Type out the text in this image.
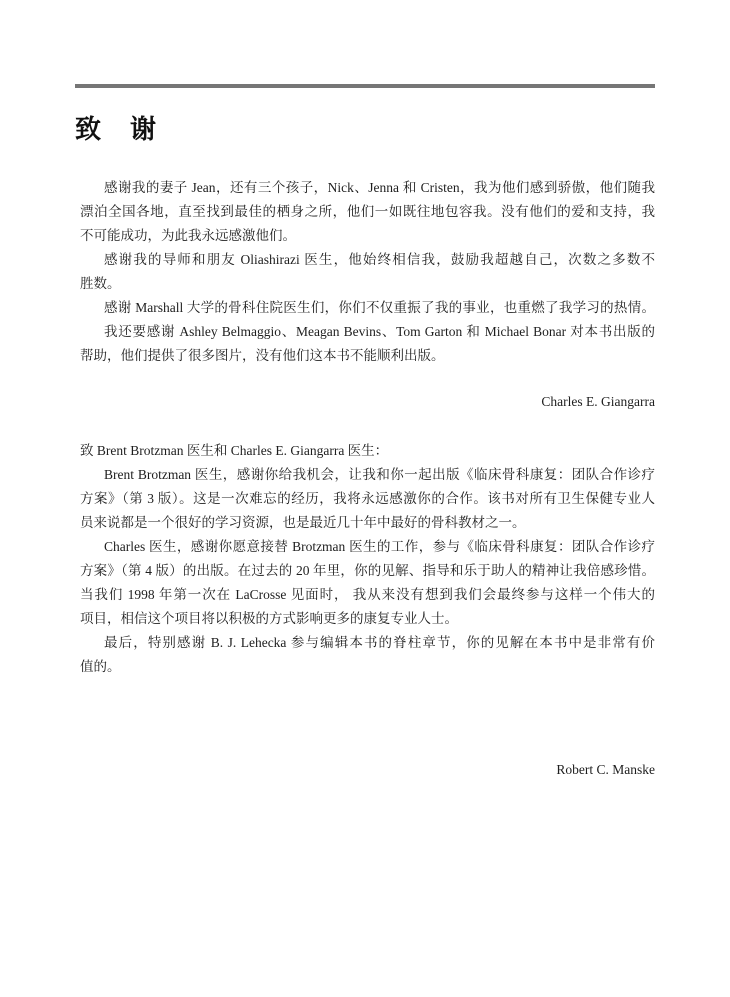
致 谢
感谢我的妻子 Jean，还有三个孩子，Nick、Jenna 和 Cristen，我为他们感到骄傲，他们随我
漂泊全国各地，直至找到最佳的栖身之所，他们一如既往地包容我。没有他们的爱和支持，我
不可能成功，为此我永远感激他们。
感谢我的导师和朋友 Oliashirazi 医生，他始终相信我，鼓励我超越自己，次数之多数不
胜数。
感谢 Marshall 大学的骨科住院医生们，你们不仅重振了我的事业，也重燃了我学习的热情。
我还要感谢 Ashley Belmaggio、Meagan Bevins、Tom Garton 和 Michael Bonar 对本书出版的
帮助，他们提供了很多图片，没有他们这本书不能顺利出版。
Charles E. Giangarra
致 Brent Brotzman 医生和 Charles E. Giangarra 医生：
Brent Brotzman 医生，感谢你给我机会，让我和你一起出版《临床骨科康复：团队合作诊疗
方案》（第 3 版）。这是一次难忘的经历，我将永远感激你的合作。该书对所有卫生保健专业人
员来说都是一个很好的学习资源，也是最近几十年中最好的骨科教材之一。
Charles 医生，感谢你愿意接替 Brotzman 医生的工作，参与《临床骨科康复：团队合作诊疗
方案》（第 4 版）的出版。在过去的 20 年里，你的见解、指导和乐于助人的精神让我倍感珍惜。
当我们 1998 年第一次在 LaCrosse 见面时， 我从来没有想到我们会最终参与这样一个伟大的
项目，相信这个项目将以积极的方式影响更多的康复专业人士。
最后，特别感谢 B. J. Lehecka 参与编辑本书的脊柱章节，你的见解在本书中是非常有价
值的。
Robert C. Manske
